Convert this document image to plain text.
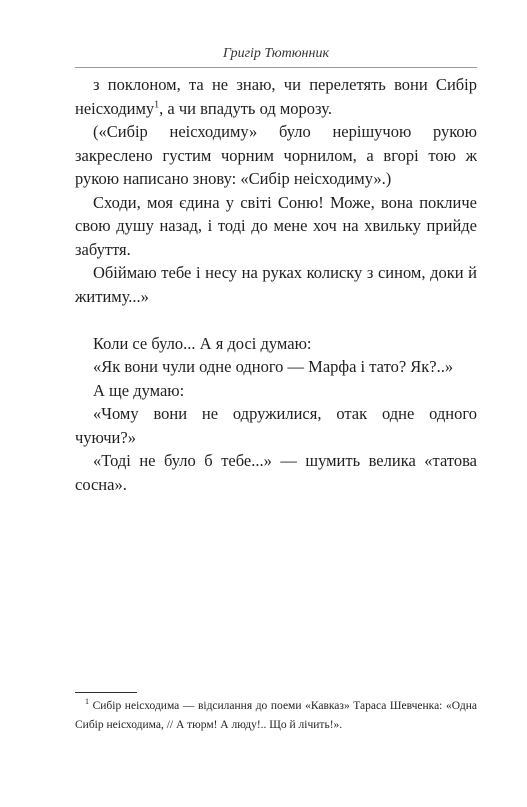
Григір Тютюнник

з поклоном, та не знаю, чи перелетять вони Сибір неісходиму$^1$, а чи впадуть од морозу.

(«Сибір неісходиму» було нерішучою рукою закреслено густим чорним чорнилом, а вгорі тою ж рукою написано знову: «Сибір неісходиму».)

Сходи, моя єдина у світі Соню! Може, вона покличе свою душу назад, і тоді до мене хоч на хвильку прийде забуття.

Обіймаю тебе і несу на руках колиску з сином, доки й житиму...»

Коли се було... А я досі думаю:

«Як вони чули одне одного — Марфа і тато? Як?..»

А ще думаю:

«Чому вони не одружилися, отак одне одного чуючи?»

«Тоді не було б тебе...» — шумить велика «татова сосна».

$^1$ Сибір неісходима — відсилання до поеми «Кавказ» Тараса Шевченка: «Одна Сибір неісходима, // А тюрм! А люду!.. Що й лічить!».
